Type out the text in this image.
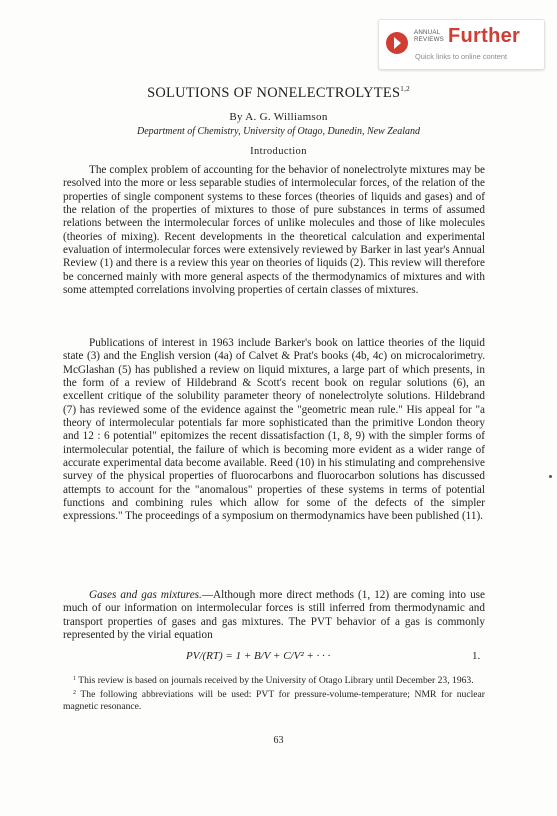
ANNUAL
REVIEWS Further
Quick links to online content
SOLUTIONS OF NONELECTROLYTES$^{1,2}$
By A. G. Williamson
Department of Chemistry, University of Otago, Dunedin, New Zealand
Introduction

The complex problem of accounting for the behavior of nonelectrolyte mixtures may be resolved into the more or less separable studies of intermolecular forces, of the relation of the properties of single component systems to these forces (theories of liquids and gases) and of the relation of the properties of mixtures to those of pure substances in terms of assumed relations between the intermolecular forces of unlike molecules and those of like molecules (theories of mixing). Recent developments in the theoretical calculation and experimental evaluation of intermolecular forces were extensively reviewed by Barker in last year's Annual Review (1) and there is a review this year on theories of liquids (2). This review will therefore be concerned mainly with more general aspects of the thermodynamics of mixtures and with some attempted correlations involving properties of certain classes of mixtures.

Publications of interest in 1963 include Barker's book on lattice theories of the liquid state (3) and the English version (4a) of Calvet & Prat's books (4b, 4c) on microcalorimetry. McGlashan (5) has published a review on liquid mixtures, a large part of which presents, in the form of a review of Hildebrand & Scott's recent book on regular solutions (6), an excellent critique of the solubility parameter theory of nonelectrolyte solutions. Hildebrand (7) has reviewed some of the evidence against the "geometric mean rule." His appeal for "a theory of intermolecular potentials far more sophisticated than the primitive London theory and 12 : 6 potential" epitomizes the recent dissatisfaction (1, 8, 9) with the simpler forms of intermolecular potential, the failure of which is becoming more evident as a wider range of accurate experimental data become available. Reed (10) in his stimulating and comprehensive survey of the physical properties of fluorocarbons and fluorocarbon solutions has discussed attempts to account for the "anomalous" properties of these systems in terms of potential functions and combining rules which allow for some of the defects of the simpler expressions." The proceedings of a symposium on thermodynamics have been published (11).

Gases and gas mixtures.—Although more direct methods (1, 12) are coming into use much of our information on intermolecular forces is still inferred from thermodynamic and transport properties of gases and gas mixtures. The PVT behavior of a gas is commonly represented by the virial equation

PV/(RT) = 1 + B/V + C/V² + · · ·	1.

$^1$ This review is based on journals received by the University of Otago Library until December 23, 1963.

$^2$ The following abbreviations will be used: PVT for pressure-volume-temperature; NMR for nuclear magnetic resonance.

63
